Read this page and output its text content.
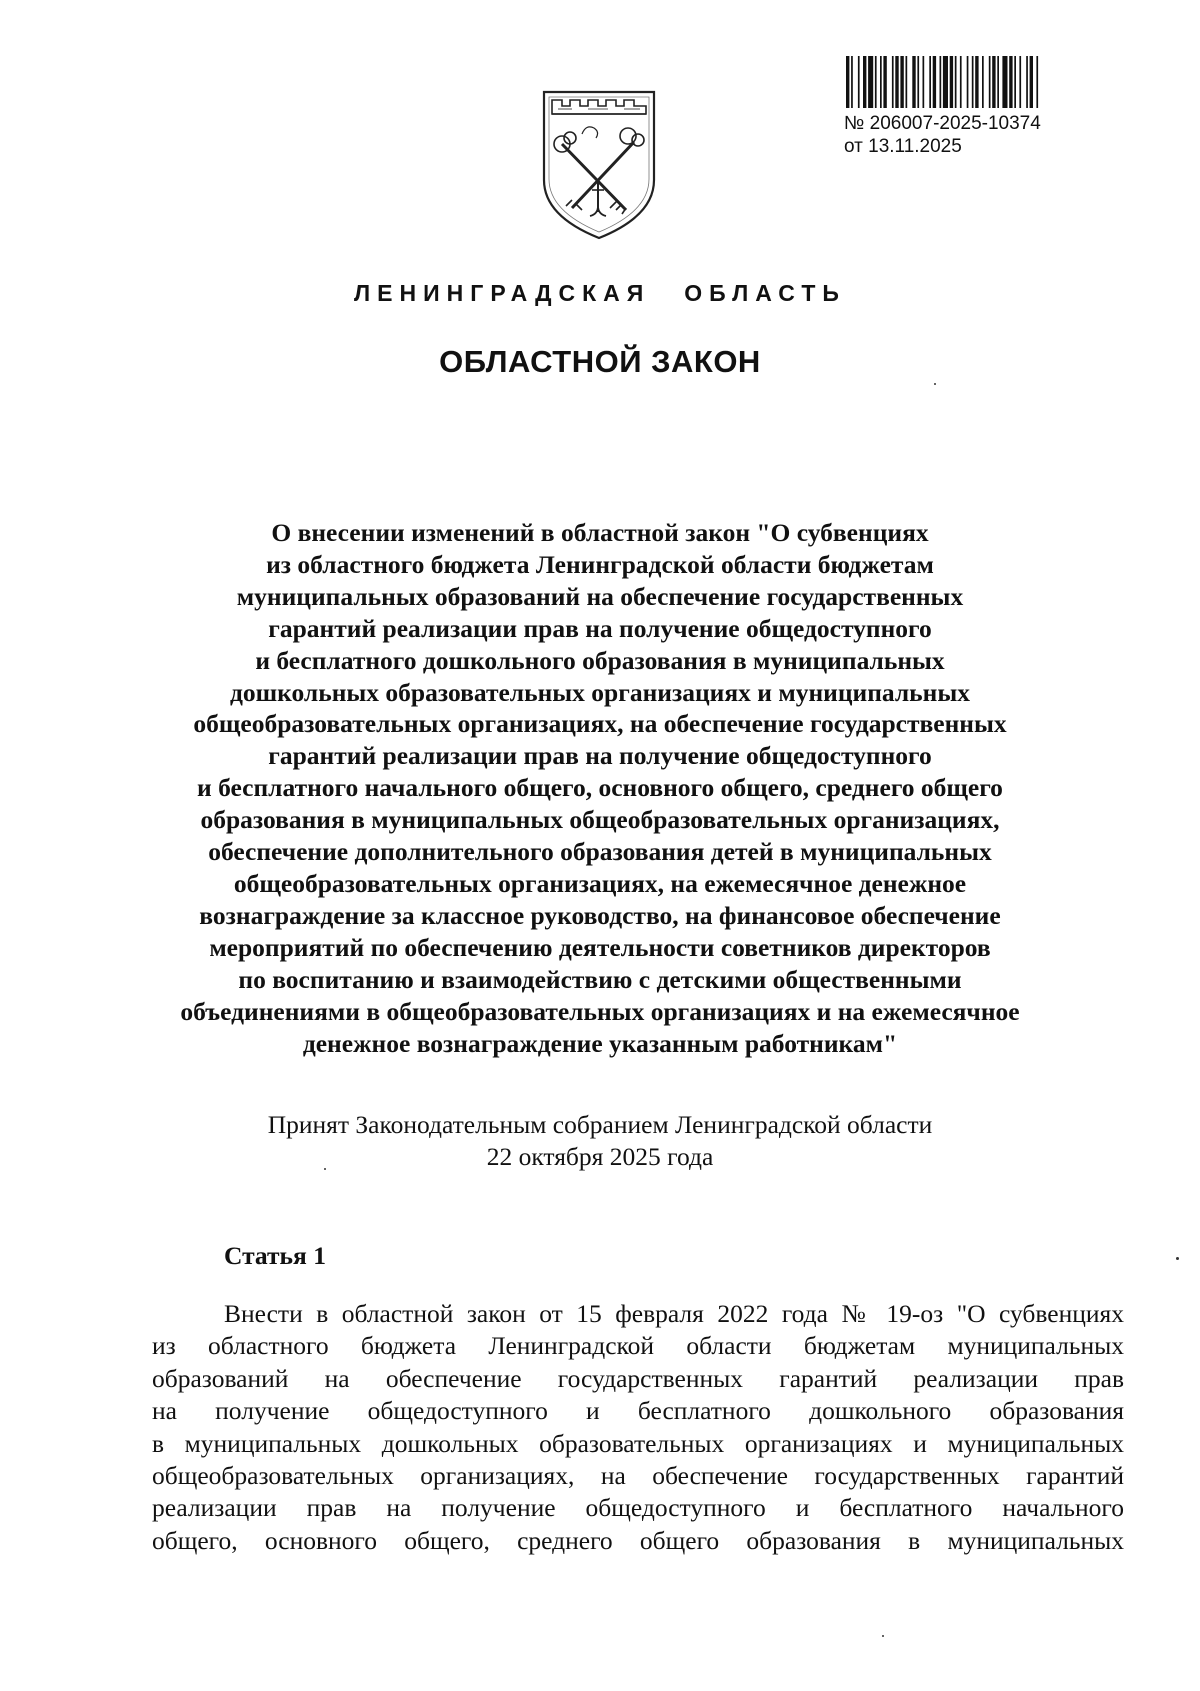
№ 206007-2025-10374
от 13.11.2025
ЛЕНИНГРАДСКАЯ ОБЛАСТЬ
ОБЛАСТНОЙ ЗАКОН
О внесении изменений в областной закон "О субвенциях
из областного бюджета Ленинградской области бюджетам
муниципальных образований на обеспечение государственных
гарантий реализации прав на получение общедоступного
и бесплатного дошкольного образования в муниципальных
дошкольных образовательных организациях и муниципальных
общеобразовательных организациях, на обеспечение государственных
гарантий реализации прав на получение общедоступного
и бесплатного начального общего, основного общего, среднего общего
образования в муниципальных общеобразовательных организациях,
обеспечение дополнительного образования детей в муниципальных
общеобразовательных организациях, на ежемесячное денежное
вознаграждение за классное руководство, на финансовое обеспечение
мероприятий по обеспечению деятельности советников директоров
по воспитанию и взаимодействию с детскими общественными
объединениями в общеобразовательных организациях и на ежемесячное
денежное вознаграждение указанным работникам"
Принят Законодательным собранием Ленинградской области
22 октября 2025 года
Статья 1
Внести в областной закон от 15 февраля 2022 года № 19-оз "О субвенциях
из областного бюджета Ленинградской области бюджетам муниципальных
образований на обеспечение государственных гарантий реализации прав
на получение общедоступного и бесплатного дошкольного образования
в муниципальных дошкольных образовательных организациях и муниципальных
общеобразовательных организациях, на обеспечение государственных гарантий
реализации прав на получение общедоступного и бесплатного начального
общего, основного общего, среднего общего образования в муниципальных
